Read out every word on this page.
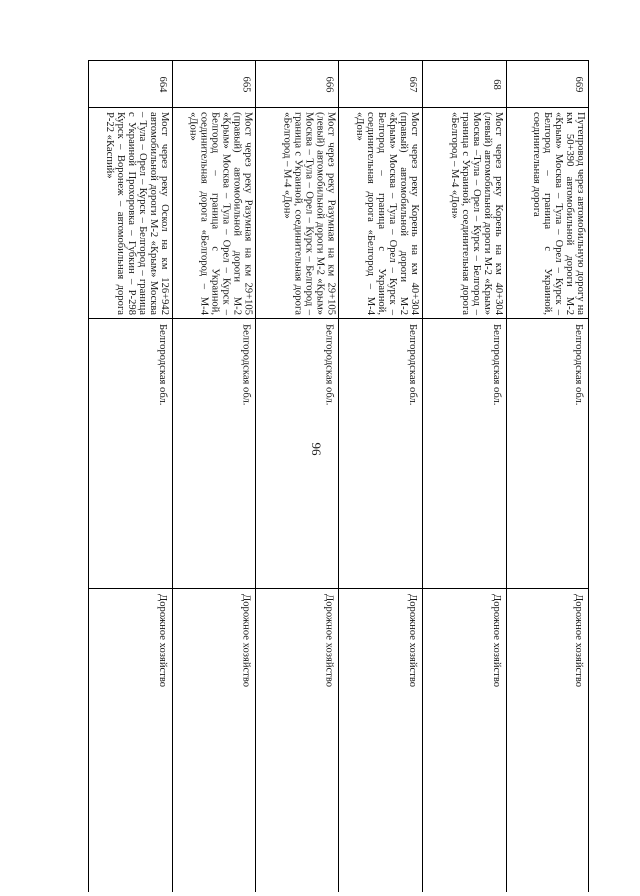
96
664
Мост через реку Оскол на км 126+942 автомобильной дороги М-2 «Крым» Москва – Тула – Орел – Курск – Белгород – граница с Украиной Прохоровка – Губкин – Р-298 Курск – Воронеж – автомобильная дорога Р-22 «Каспий»
Белгородская обл.
Дорожное хозяйство
665
Мост через реку Разумная на км 29+105 (правый) автомобильной дороги М-2 «Крым» Москва – Тула – Орел – Курск – Белгород – граница с Украиной, соединительная дорога «Белгород – М-4 «Дон»
Белгородская обл.
Дорожное хозяйство
666
Мост через реку Разумная на км 29+105 (левый) автомобильной дороги М-2 «Крым» Москва – Тула – Орел – Курск – Белгород – граница с Украиной, соединительная дорога «Белгород – М-4 «Дон»
Белгородская обл.
Дорожное хозяйство
667
Мост через реку Корень на км 40+304 (правый) автомобильной дороги М-2 «Крым» Москва – Тула – Орел – Курск – Белгород – граница с Украиной, соединительная дорога «Белгород – М-4 «Дон»
Белгородская обл.
Дорожное хозяйство
68
Мост через реку Корень на км 40+304 (левый) автомобильной дороги М-2 «Крым» Москва –Тула – Орел – Курск – Белгород – граница с Украиной, соединительная дорога «Белгород – М-4 «Дон»
Белгородская обл.
Дорожное хозяйство
669
Путепровод через автомобильную дорогу на км 50+390 автомобильной дороги М-2 «Крым» Москва – Тула – Орел – Курск – Белгород – граница с Украиной, соединительная дорога
Белгородская обл.
Дорожное хозяйство
